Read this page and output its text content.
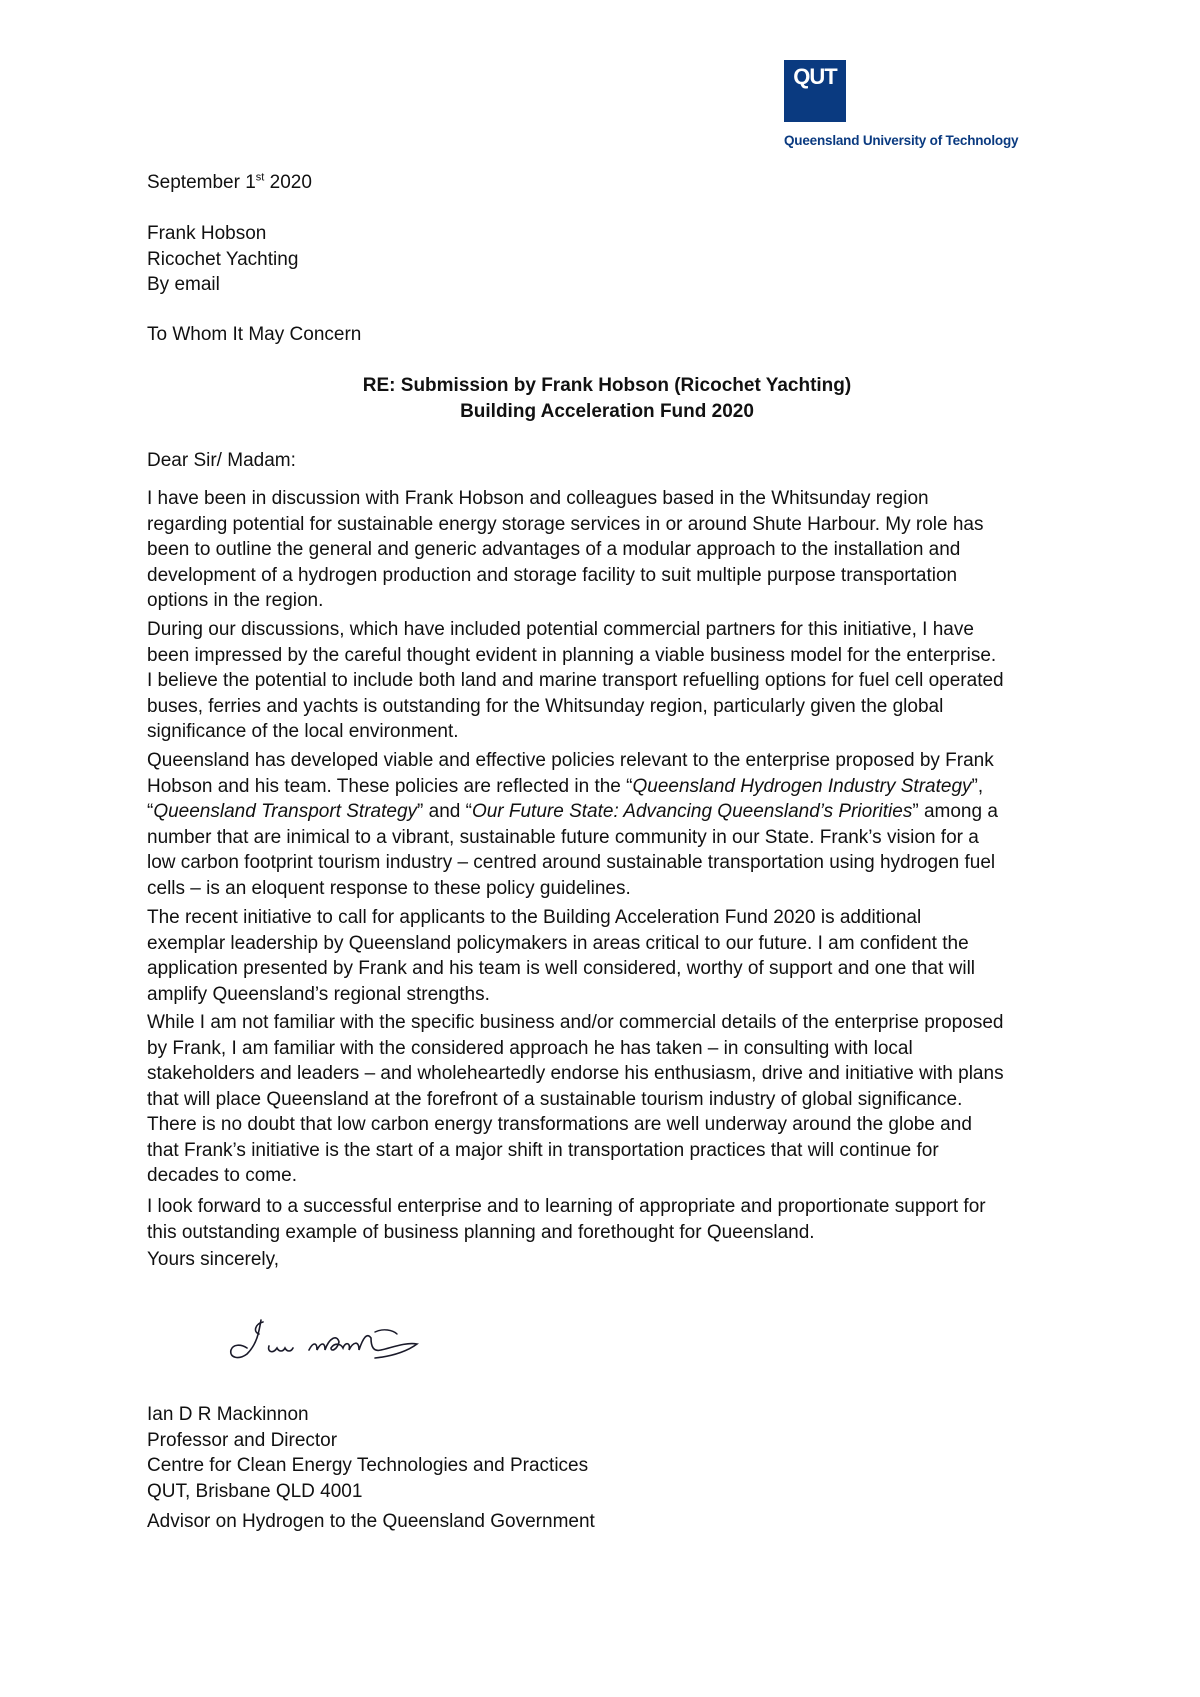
QUT
Queensland University of Technology
September 1st 2020
Frank Hobson
Ricochet Yachting
By email
To Whom It May Concern
RE: Submission by Frank Hobson (Ricochet Yachting)
Building Acceleration Fund 2020
Dear Sir/ Madam:
I have been in discussion with Frank Hobson and colleagues based in the Whitsunday region
regarding potential for sustainable energy storage services in or around Shute Harbour. My role has
been to outline the general and generic advantages of a modular approach to the installation and
development of a hydrogen production and storage facility to suit multiple purpose transportation
options in the region.
During our discussions, which have included potential commercial partners for this initiative, I have
been impressed by the careful thought evident in planning a viable business model for the enterprise.
I believe the potential to include both land and marine transport refuelling options for fuel cell operated
buses, ferries and yachts is outstanding for the Whitsunday region, particularly given the global
significance of the local environment.
Queensland has developed viable and effective policies relevant to the enterprise proposed by Frank
Hobson and his team. These policies are reflected in the “Queensland Hydrogen Industry Strategy”,
“Queensland Transport Strategy” and “Our Future State: Advancing Queensland’s Priorities” among a
number that are inimical to a vibrant, sustainable future community in our State. Frank’s vision for a
low carbon footprint tourism industry – centred around sustainable transportation using hydrogen fuel
cells – is an eloquent response to these policy guidelines.
The recent initiative to call for applicants to the Building Acceleration Fund 2020 is additional
exemplar leadership by Queensland policymakers in areas critical to our future. I am confident the
application presented by Frank and his team is well considered, worthy of support and one that will
amplify Queensland’s regional strengths.
While I am not familiar with the specific business and/or commercial details of the enterprise proposed
by Frank, I am familiar with the considered approach he has taken – in consulting with local
stakeholders and leaders – and wholeheartedly endorse his enthusiasm, drive and initiative with plans
that will place Queensland at the forefront of a sustainable tourism industry of global significance.
There is no doubt that low carbon energy transformations are well underway around the globe and
that Frank’s initiative is the start of a major shift in transportation practices that will continue for
decades to come.
I look forward to a successful enterprise and to learning of appropriate and proportionate support for
this outstanding example of business planning and forethought for Queensland.
Yours sincerely,
Ian D R Mackinnon
Professor and Director
Centre for Clean Energy Technologies and Practices
QUT, Brisbane QLD 4001
Advisor on Hydrogen to the Queensland Government
